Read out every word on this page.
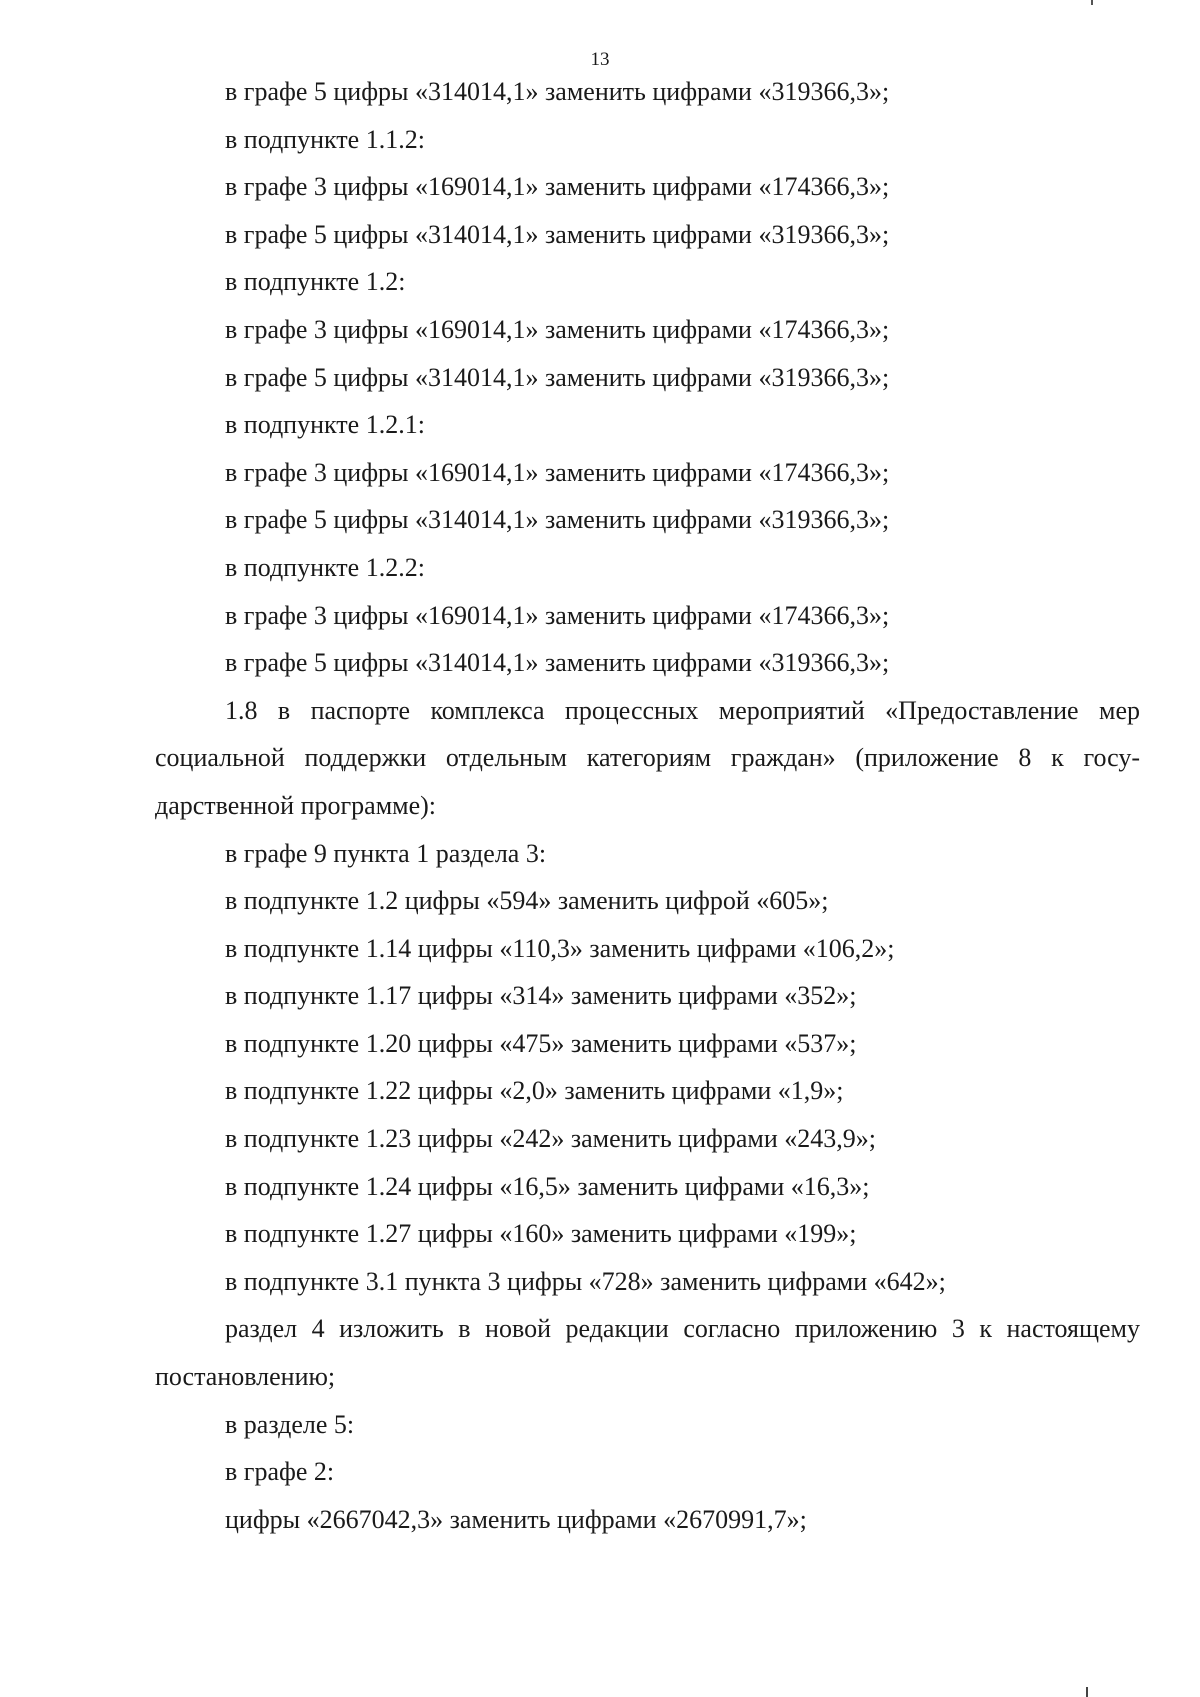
13
в графе 5 цифры «314014,1» заменить цифрами «319366,3»;
в подпункте 1.1.2:
в графе 3 цифры «169014,1» заменить цифрами «174366,3»;
в графе 5 цифры «314014,1» заменить цифрами «319366,3»;
в подпункте 1.2:
в графе 3 цифры «169014,1» заменить цифрами «174366,3»;
в графе 5 цифры «314014,1» заменить цифрами «319366,3»;
в подпункте 1.2.1:
в графе 3 цифры «169014,1» заменить цифрами «174366,3»;
в графе 5 цифры «314014,1» заменить цифрами «319366,3»;
в подпункте 1.2.2:
в графе 3 цифры «169014,1» заменить цифрами «174366,3»;
в графе 5 цифры «314014,1» заменить цифрами «319366,3»;
1.8 в паспорте комплекса процессных мероприятий «Предоставление мер
социальной поддержки отдельным категориям граждан» (приложение 8 к госу-
дарственной программе):
в графе 9 пункта 1 раздела 3:
в подпункте 1.2 цифры «594» заменить цифрой «605»;
в подпункте 1.14 цифры «110,3» заменить цифрами «106,2»;
в подпункте 1.17 цифры «314» заменить цифрами «352»;
в подпункте 1.20 цифры «475» заменить цифрами «537»;
в подпункте 1.22 цифры «2,0» заменить цифрами «1,9»;
в подпункте 1.23 цифры «242» заменить цифрами «243,9»;
в подпункте 1.24 цифры «16,5» заменить цифрами «16,3»;
в подпункте 1.27 цифры «160» заменить цифрами «199»;
в подпункте 3.1 пункта 3 цифры «728» заменить цифрами «642»;
раздел 4 изложить в новой редакции согласно приложению 3 к настоящему
постановлению;
в разделе 5:
в графе 2:
цифры «2667042,3» заменить цифрами «2670991,7»;
